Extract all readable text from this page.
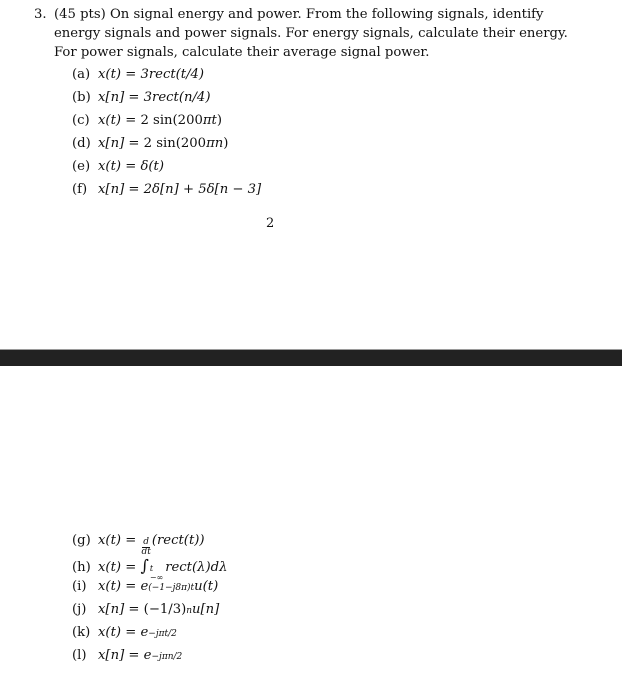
3. (45 pts) On signal energy and power. From the following signals, identify
energy signals and power signals. For energy signals, calculate their energy.
For power signals, calculate their average signal power.
(a) x(t) = 3rect(t/4)
(b) x[n] = 3rect(n/4)
(c) x(t) = 2 sin(200 πt )
(d) x[n] = 2 sin(200 πn )
(e) x(t) = δ(t)
(f) x[n] = 2δ[n] + 5δ[n − 3]
2
(g) $x(t) = \frac{d}{dt}$ (rect(t))
(h) x(t) = ∫ t
−∞
rect(λ)dλ
(i) x(t) = e (−1−j8π)t u(t)
(j) x[n] = (−1/3) n u[n]
(k) x(t) = e −jπt/2
(l) x[n] = e −jπn/2
